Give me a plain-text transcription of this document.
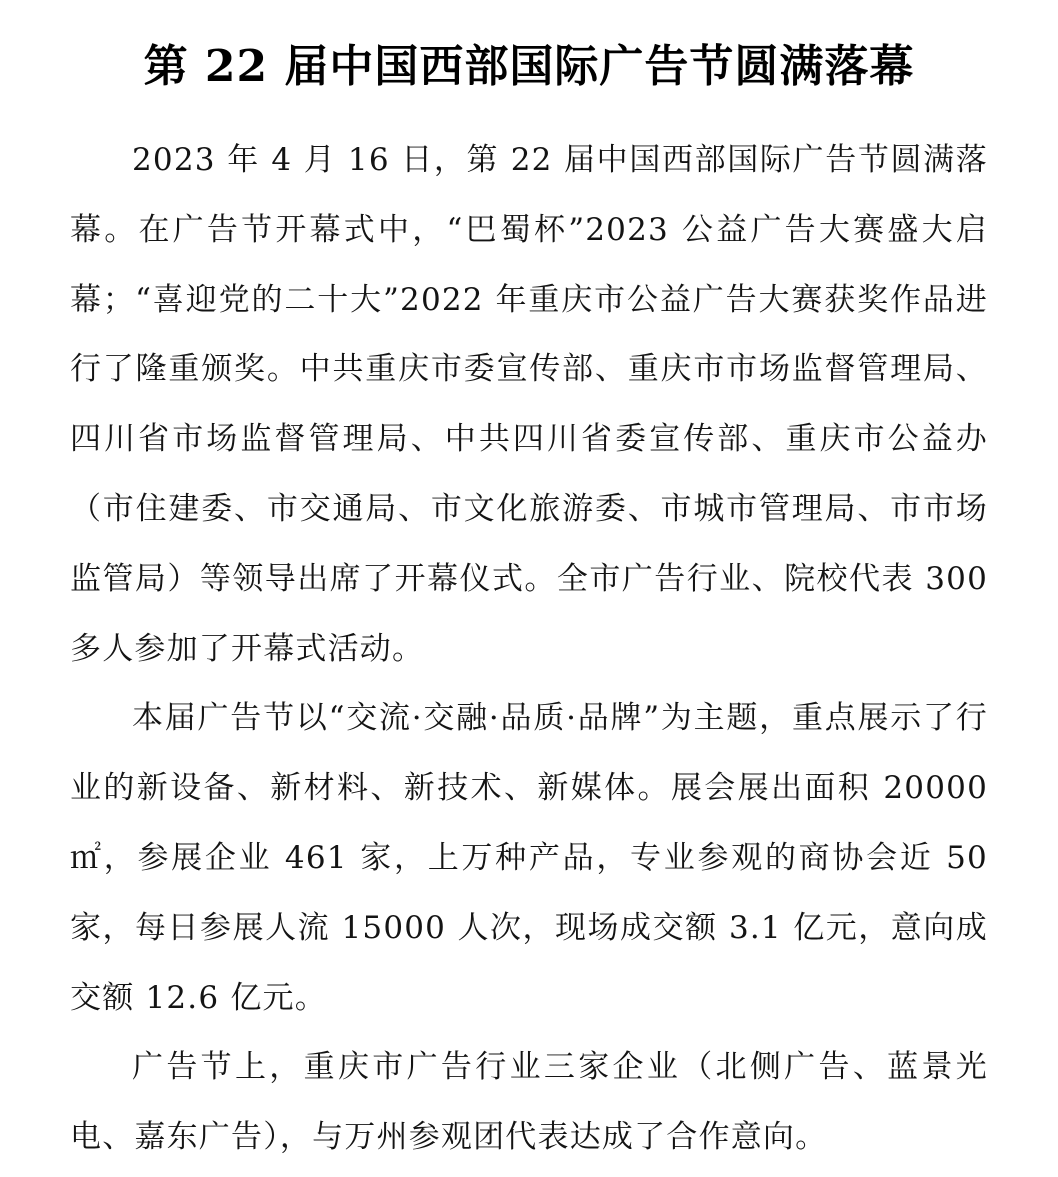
第 22 届中国西部国际广告节圆满落幕

2023 年 4 月 16 日，第 22 届中国西部国际广告节圆满落幕。在广告节开幕式中，“巴蜀杯”2023 公益广告大赛盛大启幕；“喜迎党的二十大”2022 年重庆市公益广告大赛获奖作品进行了隆重颁奖。中共重庆市委宣传部、重庆市市场监督管理局、四川省市场监督管理局、中共四川省委宣传部、重庆市公益办（市住建委、市交通局、市文化旅游委、市城市管理局、市市场监管局）等领导出席了开幕仪式。全市广告行业、院校代表 300 多人参加了开幕式活动。

本届广告节以“交流·交融·品质·品牌”为主题，重点展示了行业的新设备、新材料、新技术、新媒体。展会展出面积 20000㎡，参展企业 461 家，上万种产品，专业参观的商协会近 50 家，每日参展人流 15000 人次，现场成交额 3.1 亿元，意向成交额 12.6 亿元。

广告节上，重庆市广告行业三家企业（北侧广告、蓝景光电、嘉东广告），与万州参观团代表达成了合作意向。
